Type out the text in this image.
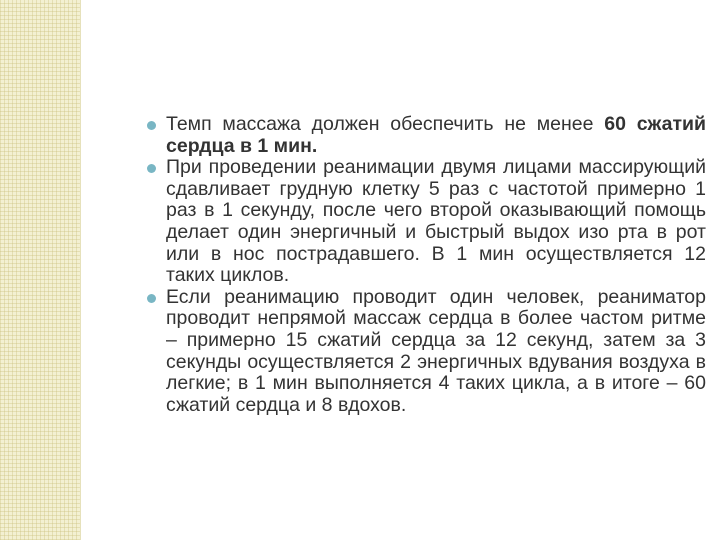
Темп массажа должен обеспечить не менее 60 сжатий сердца в 1 мин.
При проведении реанимации двумя лицами массирующий сдавливает грудную клетку 5 раз с частотой примерно 1 раз в 1 секунду, после чего второй оказывающий помощь делает один энергичный и быстрый выдох изо рта в рот или в нос пострадавшего. В 1 мин осуществляется 12 таких циклов.
Если реанимацию проводит один человек, реаниматор проводит непрямой массаж сердца в более частом ритме – примерно 15 сжатий сердца за 12 секунд, затем за 3 секунды осуществляется 2 энергичных вдувания воздуха в легкие; в 1 мин выполняется 4 таких цикла, а в итоге – 60 сжатий сердца и 8 вдохов.
